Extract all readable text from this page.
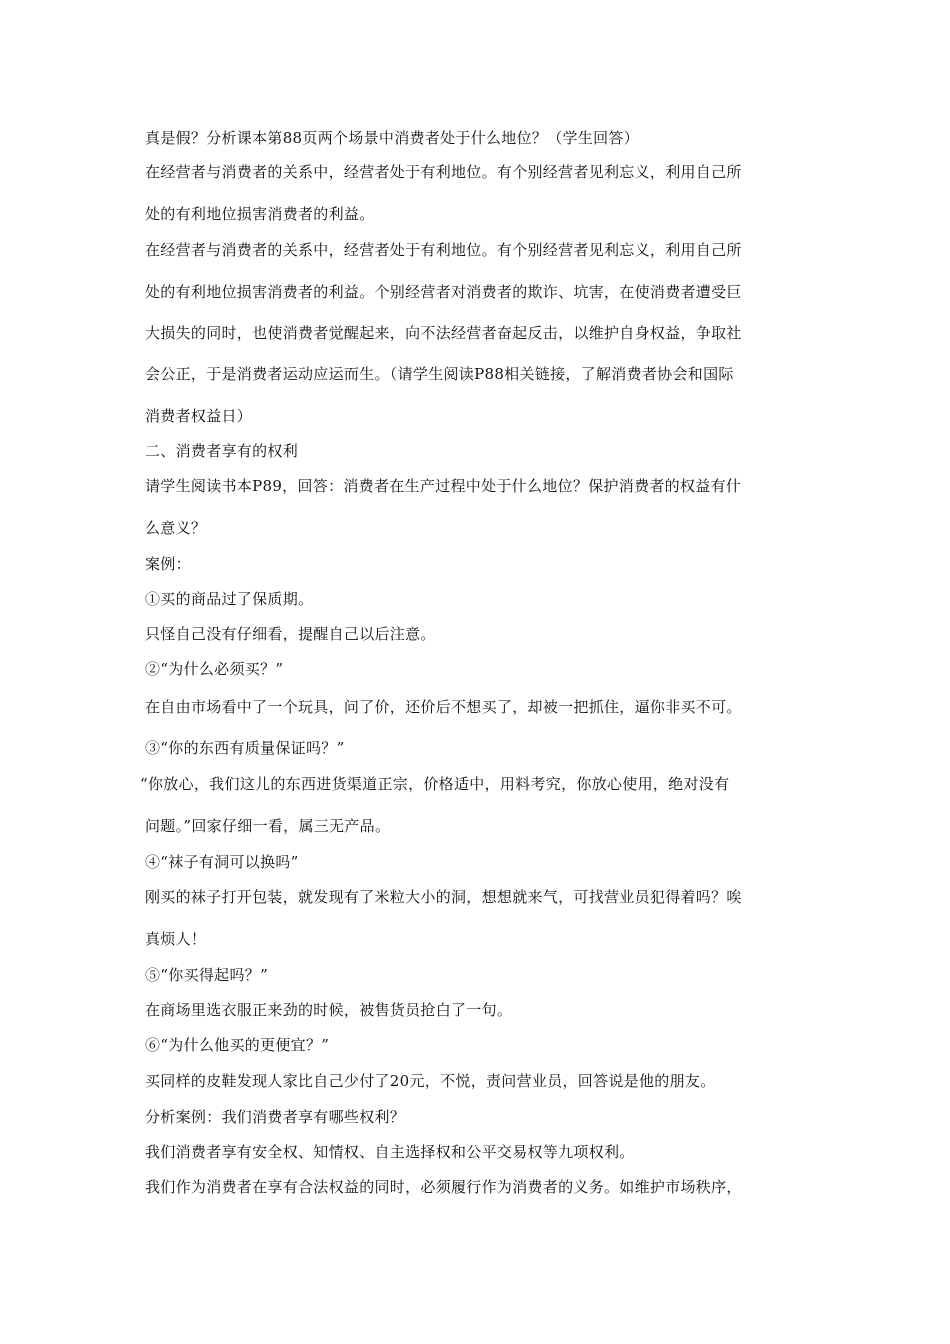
真是假？分析课本第88页两个场景中消费者处于什么地位？（学生回答）
在经营者与消费者的关系中，经营者处于有利地位。有个别经营者见利忘义，利用自己所
处的有利地位损害消费者的利益。
在经营者与消费者的关系中，经营者处于有利地位。有个别经营者见利忘义，利用自己所
处的有利地位损害消费者的利益。个别经营者对消费者的欺诈、坑害，在使消费者遭受巨
大损失的同时，也使消费者觉醒起来，向不法经营者奋起反击，以维护自身权益，争取社
会公正，于是消费者运动应运而生。（请学生阅读P88相关链接，了解消费者协会和国际
消费者权益日）
二、消费者享有的权利
请学生阅读书本P89，回答：消费者在生产过程中处于什么地位？保护消费者的权益有什
么意义？
案例：
①买的商品过了保质期。
只怪自己没有仔细看，提醒自己以后注意。
②“为什么必须买？”
在自由市场看中了一个玩具，问了价，还价后不想买了，却被一把抓住，逼你非买不可。
③“你的东西有质量保证吗？”
“你放心，我们这儿的东西进货渠道正宗，价格适中，用料考究，你放心使用，绝对没有
问题。”回家仔细一看，属三无产品。
④“袜子有洞可以换吗”
刚买的袜子打开包装，就发现有了米粒大小的洞，想想就来气，可找营业员犯得着吗？唉
真烦人！
⑤“你买得起吗？”
在商场里选衣服正来劲的时候，被售货员抢白了一句。
⑥“为什么他买的更便宜？”
买同样的皮鞋发现人家比自己少付了20元，不悦，责问营业员，回答说是他的朋友。
分析案例：我们消费者享有哪些权利？
我们消费者享有安全权、知情权、自主选择权和公平交易权等九项权利。
我们作为消费者在享有合法权益的同时，必须履行作为消费者的义务。如维护市场秩序，
